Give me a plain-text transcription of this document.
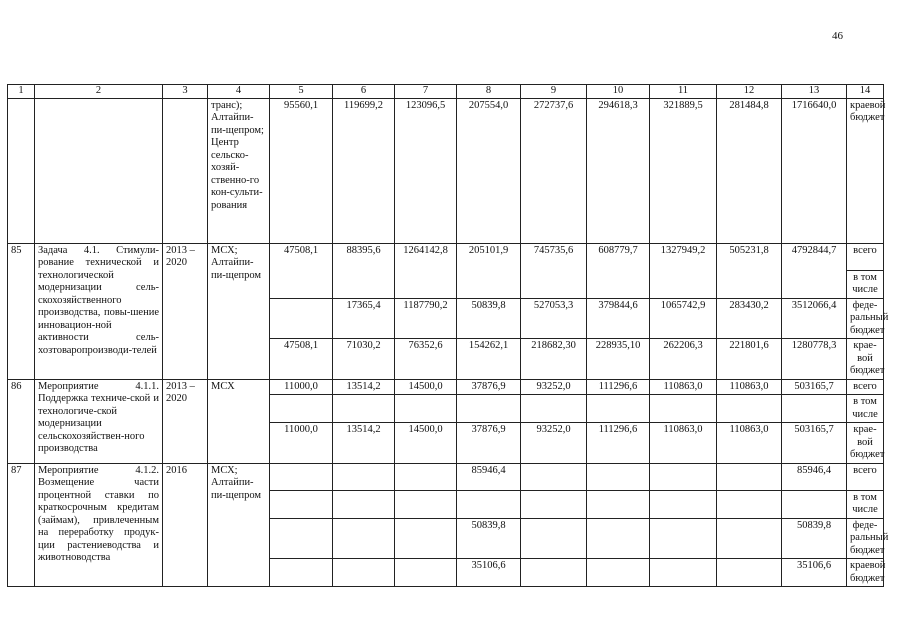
46
1	2	3	4	5	6	7	8	9	10	11	12	13	14
			транс); Алтайпи-пи-щепром; Центр сельско-хозяй-ственно-го кон-сульти-рования	95560,1	119699,2	123096,5	207554,0	272737,6	294618,3	321889,5	281484,8	1716640,0	краевой бюджет
85	Задача 4.1. Стимули-рование технической и технологической модернизации сель-скохозяйственного производства, повы-шение инновацион-ной активности сель-хозтоваропроизводи-телей	2013 – 2020	МСХ; Алтайпи-пи-щепром	47508,1	88395,6	1264142,8	205101,9	745735,6	608779,7	1327949,2	505231,8	4792844,7	всего
													в том числе
					17365,4	1187790,2	50839,8	527053,3	379844,6	1065742,9	283430,2	3512066,4	феде-ральный бюджет
				47508,1	71030,2	76352,6	154262,1	218682,30	228935,10	262206,3	221801,6	1280778,3	крае-вой бюджет
86	Мероприятие 4.1.1. Поддержка техниче-ской и технологиче-ской модернизации сельскохозяйствен-ного производства	2013 – 2020	МСХ	11000,0	13514,2	14500,0	37876,9	93252,0	111296,6	110863,0	110863,0	503165,7	всего
													в том числе
				11000,0	13514,2	14500,0	37876,9	93252,0	111296,6	110863,0	110863,0	503165,7	крае-вой бюджет
87	Мероприятие 4.1.2. Возмещение части процентной ставки по краткосрочным кредитам (займам), привлеченным на переработку продук-ции растениеводства и животноводства	2016	МСХ; Алтайпи-пи-щепром				85946,4					85946,4	всего
													в том числе
							50839,8					50839,8	феде-ральный бюджет
							35106,6					35106,6	краевой бюджет
